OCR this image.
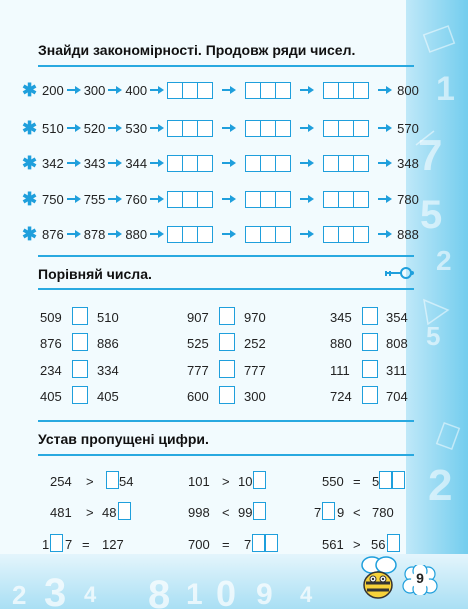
1
7
5
2
5
2
2 3 4 8 1 0 9 4
Знайди закономірності. Продовж ряди чисел.
✱ 200 300 400	800
✱ 510 520 530	570
✱ 342 343 344	348
✱ 750 755 760	780
✱ 876 878 880	888
Порівняй числа.
509	510	907	970	345	354
876	886	525	252	880	808
234	334	777	777	111	311
405	405	600	300	724	704
Устав пропущені цифри.
254 > 54	101 > 10	550 = 5
481 > 48	998 < 99	7 9 < 780
1 7 = 127	700 = 7	561 > 56
9
